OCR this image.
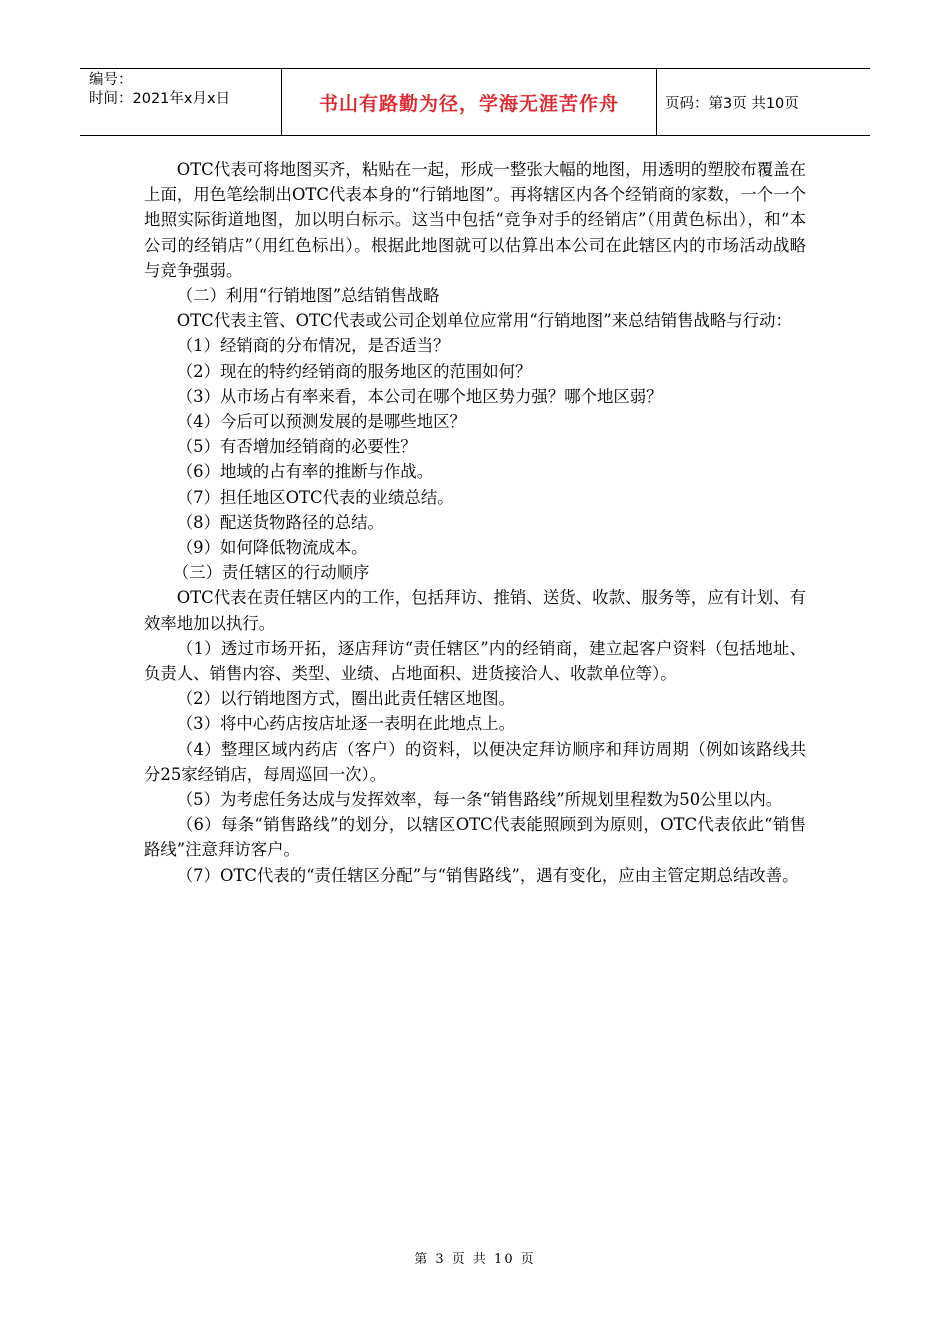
编号：
时间：2021年x月x日	书山有路勤为径，学海无涯苦作舟	页码：第3页 共10页

OTC代表可将地图买齐，粘贴在一起，形成一整张大幅的地图，用透明的塑胶布覆盖在上面，用色笔绘制出OTC代表本身的“行销地图”。再将辖区内各个经销商的家数，一个一个地照实际街道地图，加以明白标示。这当中包括“竞争对手的经销店”（用黄色标出），和“本公司的经销店”（用红色标出）。根据此地图就可以估算出本公司在此辖区内的市场活动战略与竞争强弱。

（二）利用“行销地图”总结销售战略

OTC代表主管、OTC代表或公司企划单位应常用“行销地图”来总结销售战略与行动：

（1）经销商的分布情况，是否适当？

（2）现在的特约经销商的服务地区的范围如何？

（3）从市场占有率来看，本公司在哪个地区势力强？哪个地区弱？

（4）今后可以预测发展的是哪些地区？

（5）有否增加经销商的必要性？

（6）地域的占有率的推断与作战。

（7）担任地区OTC代表的业绩总结。

（8）配送货物路径的总结。

（9）如何降低物流成本。

（三）责任辖区的行动顺序

OTC代表在责任辖区内的工作，包括拜访、推销、送货、收款、服务等，应有计划、有效率地加以执行。

（1）透过市场开拓，逐店拜访“责任辖区”内的经销商，建立起客户资料（包括地址、负责人、销售内容、类型、业绩、占地面积、进货接洽人、收款单位等）。

（2）以行销地图方式，圈出此责任辖区地图。

（3）将中心药店按店址逐一表明在此地点上。

（4）整理区域内药店（客户）的资料，以便决定拜访顺序和拜访周期（例如该路线共分25家经销店，每周巡回一次）。

（5）为考虑任务达成与发挥效率，每一条“销售路线”所规划里程数为50公里以内。

（6）每条“销售路线”的划分，以辖区OTC代表能照顾到为原则，OTC代表依此“销售路线”注意拜访客户。

（7）OTC代表的“责任辖区分配”与“销售路线”，遇有变化，应由主管定期总结改善。

第 3 页 共 10 页
